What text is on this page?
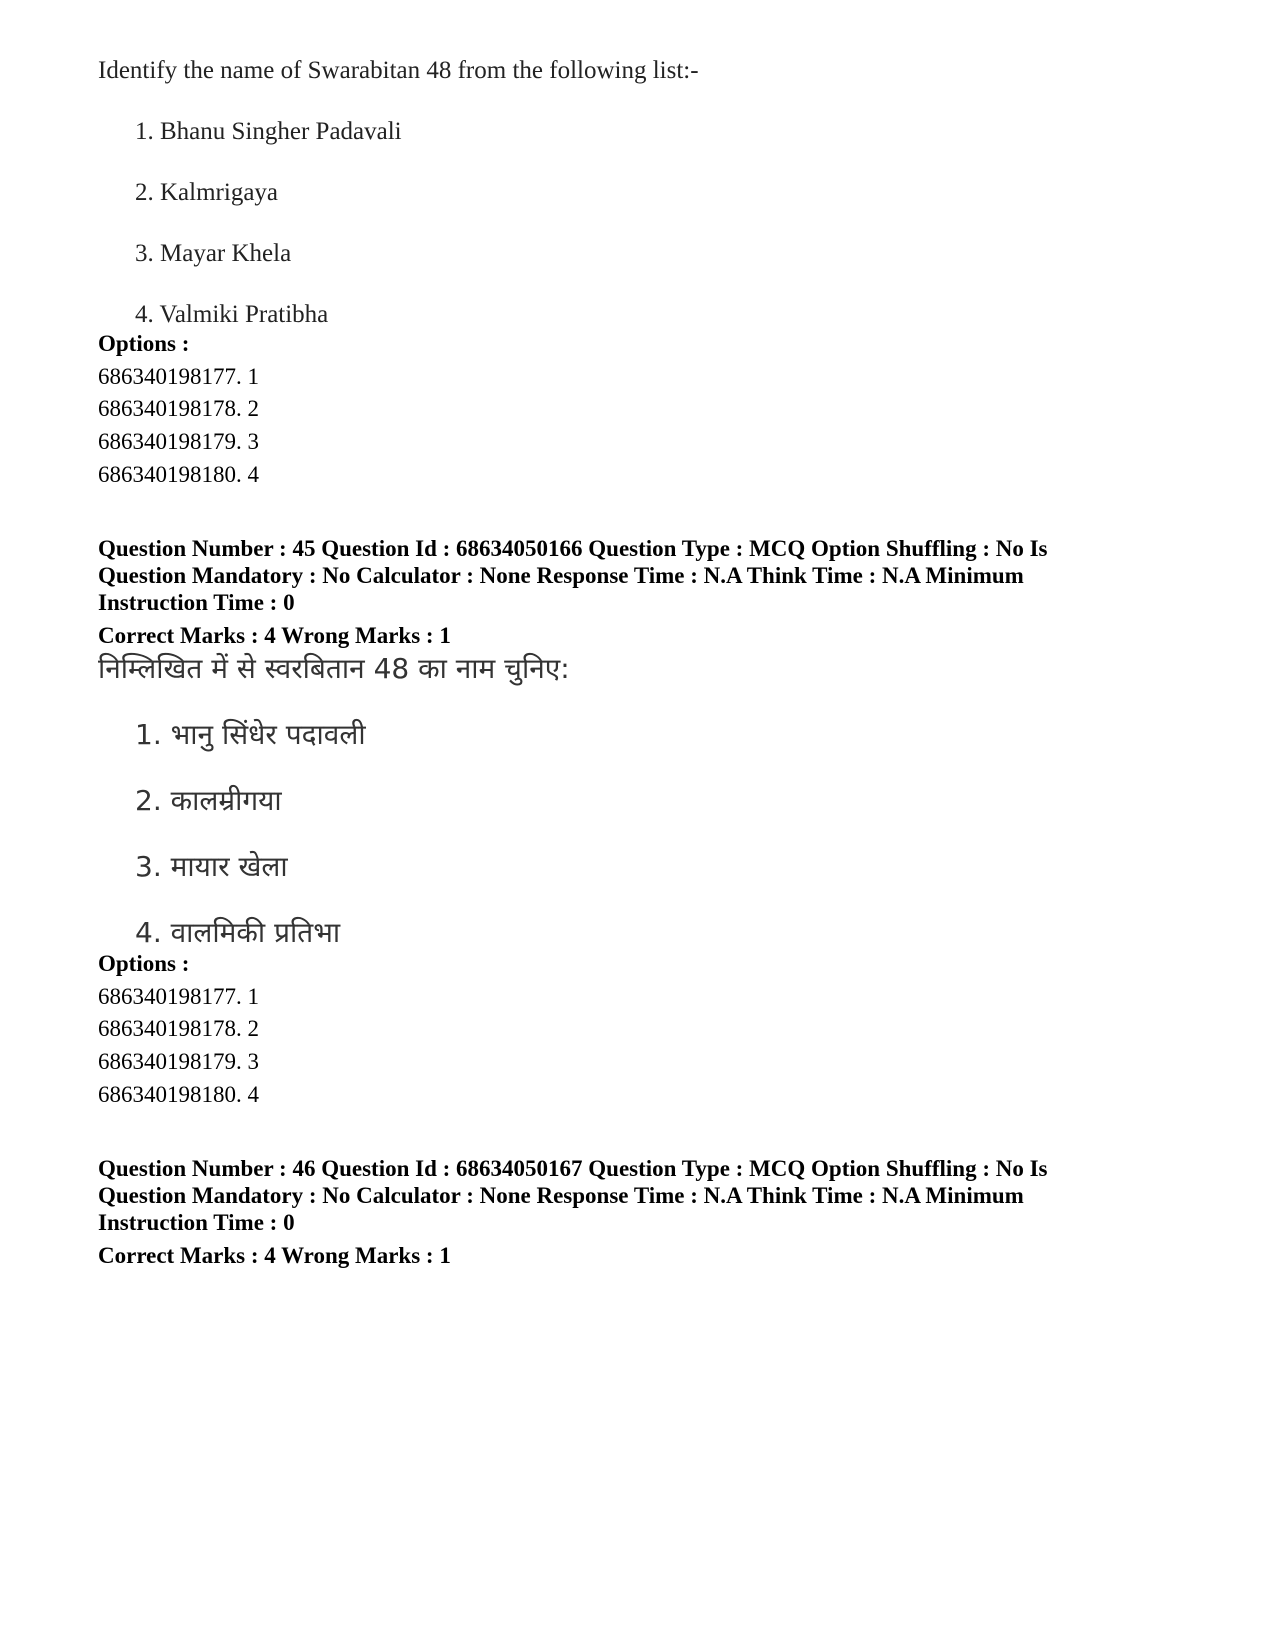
Identify the name of Swarabitan 48 from the following list:-
1. Bhanu Singher Padavali
2. Kalmrigaya
3. Mayar Khela
4. Valmiki Pratibha
Options :
686340198177. 1
686340198178. 2
686340198179. 3
686340198180. 4
Question Number : 45 Question Id : 68634050166 Question Type : MCQ Option Shuffling : No Is
Question Mandatory : No Calculator : None Response Time : N.A Think Time : N.A Minimum
Instruction Time : 0
Correct Marks : 4 Wrong Marks : 1
निम्लिखित में से स्वरबितान 48 का नाम चुनिए:
1. भानु सिंधेर पदावली
2. कालम्रीगया
3. मायार खेला
4. वालमिकी प्रतिभा
Options :
686340198177. 1
686340198178. 2
686340198179. 3
686340198180. 4
Question Number : 46 Question Id : 68634050167 Question Type : MCQ Option Shuffling : No Is
Question Mandatory : No Calculator : None Response Time : N.A Think Time : N.A Minimum
Instruction Time : 0
Correct Marks : 4 Wrong Marks : 1
